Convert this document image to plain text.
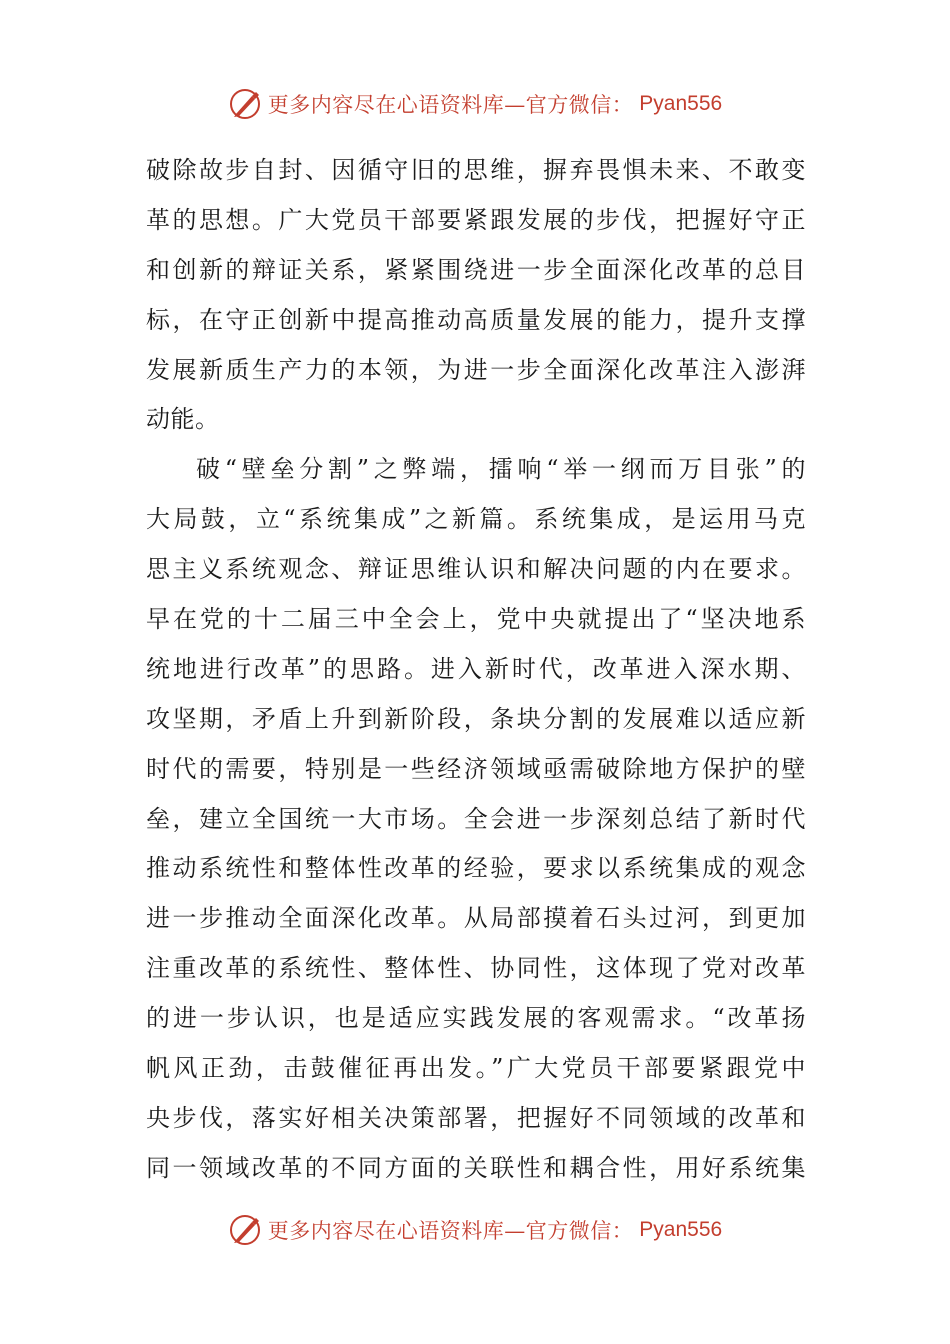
更多内容尽在心语资料库—官方微信： Pyan556
破除故步自封、因循守旧的思维，摒弃畏惧未来、不敢变
革的思想。广大党员干部要紧跟发展的步伐，把握好守正
和创新的辩证关系，紧紧围绕进一步全面深化改革的总目
标，在守正创新中提高推动高质量发展的能力，提升支撑
发展新质生产力的本领，为进一步全面深化改革注入澎湃
动能。
破“壁垒分割”之弊端，擂响“举一纲而万目张”的
大局鼓，立“系统集成”之新篇。系统集成，是运用马克
思主义系统观念、辩证思维认识和解决问题的内在要求。
早在党的十二届三中全会上，党中央就提出了“坚决地系
统地进行改革”的思路。进入新时代，改革进入深水期、
攻坚期，矛盾上升到新阶段，条块分割的发展难以适应新
时代的需要，特别是一些经济领域亟需破除地方保护的壁
垒，建立全国统一大市场。全会进一步深刻总结了新时代
推动系统性和整体性改革的经验，要求以系统集成的观念
进一步推动全面深化改革。从局部摸着石头过河，到更加
注重改革的系统性、整体性、协同性，这体现了党对改革
的进一步认识，也是适应实践发展的客观需求。“改革扬
帆风正劲，击鼓催征再出发。”广大党员干部要紧跟党中
央步伐，落实好相关决策部署，把握好不同领域的改革和
同一领域改革的不同方面的关联性和耦合性，用好系统集
更多内容尽在心语资料库—官方微信： Pyan556
